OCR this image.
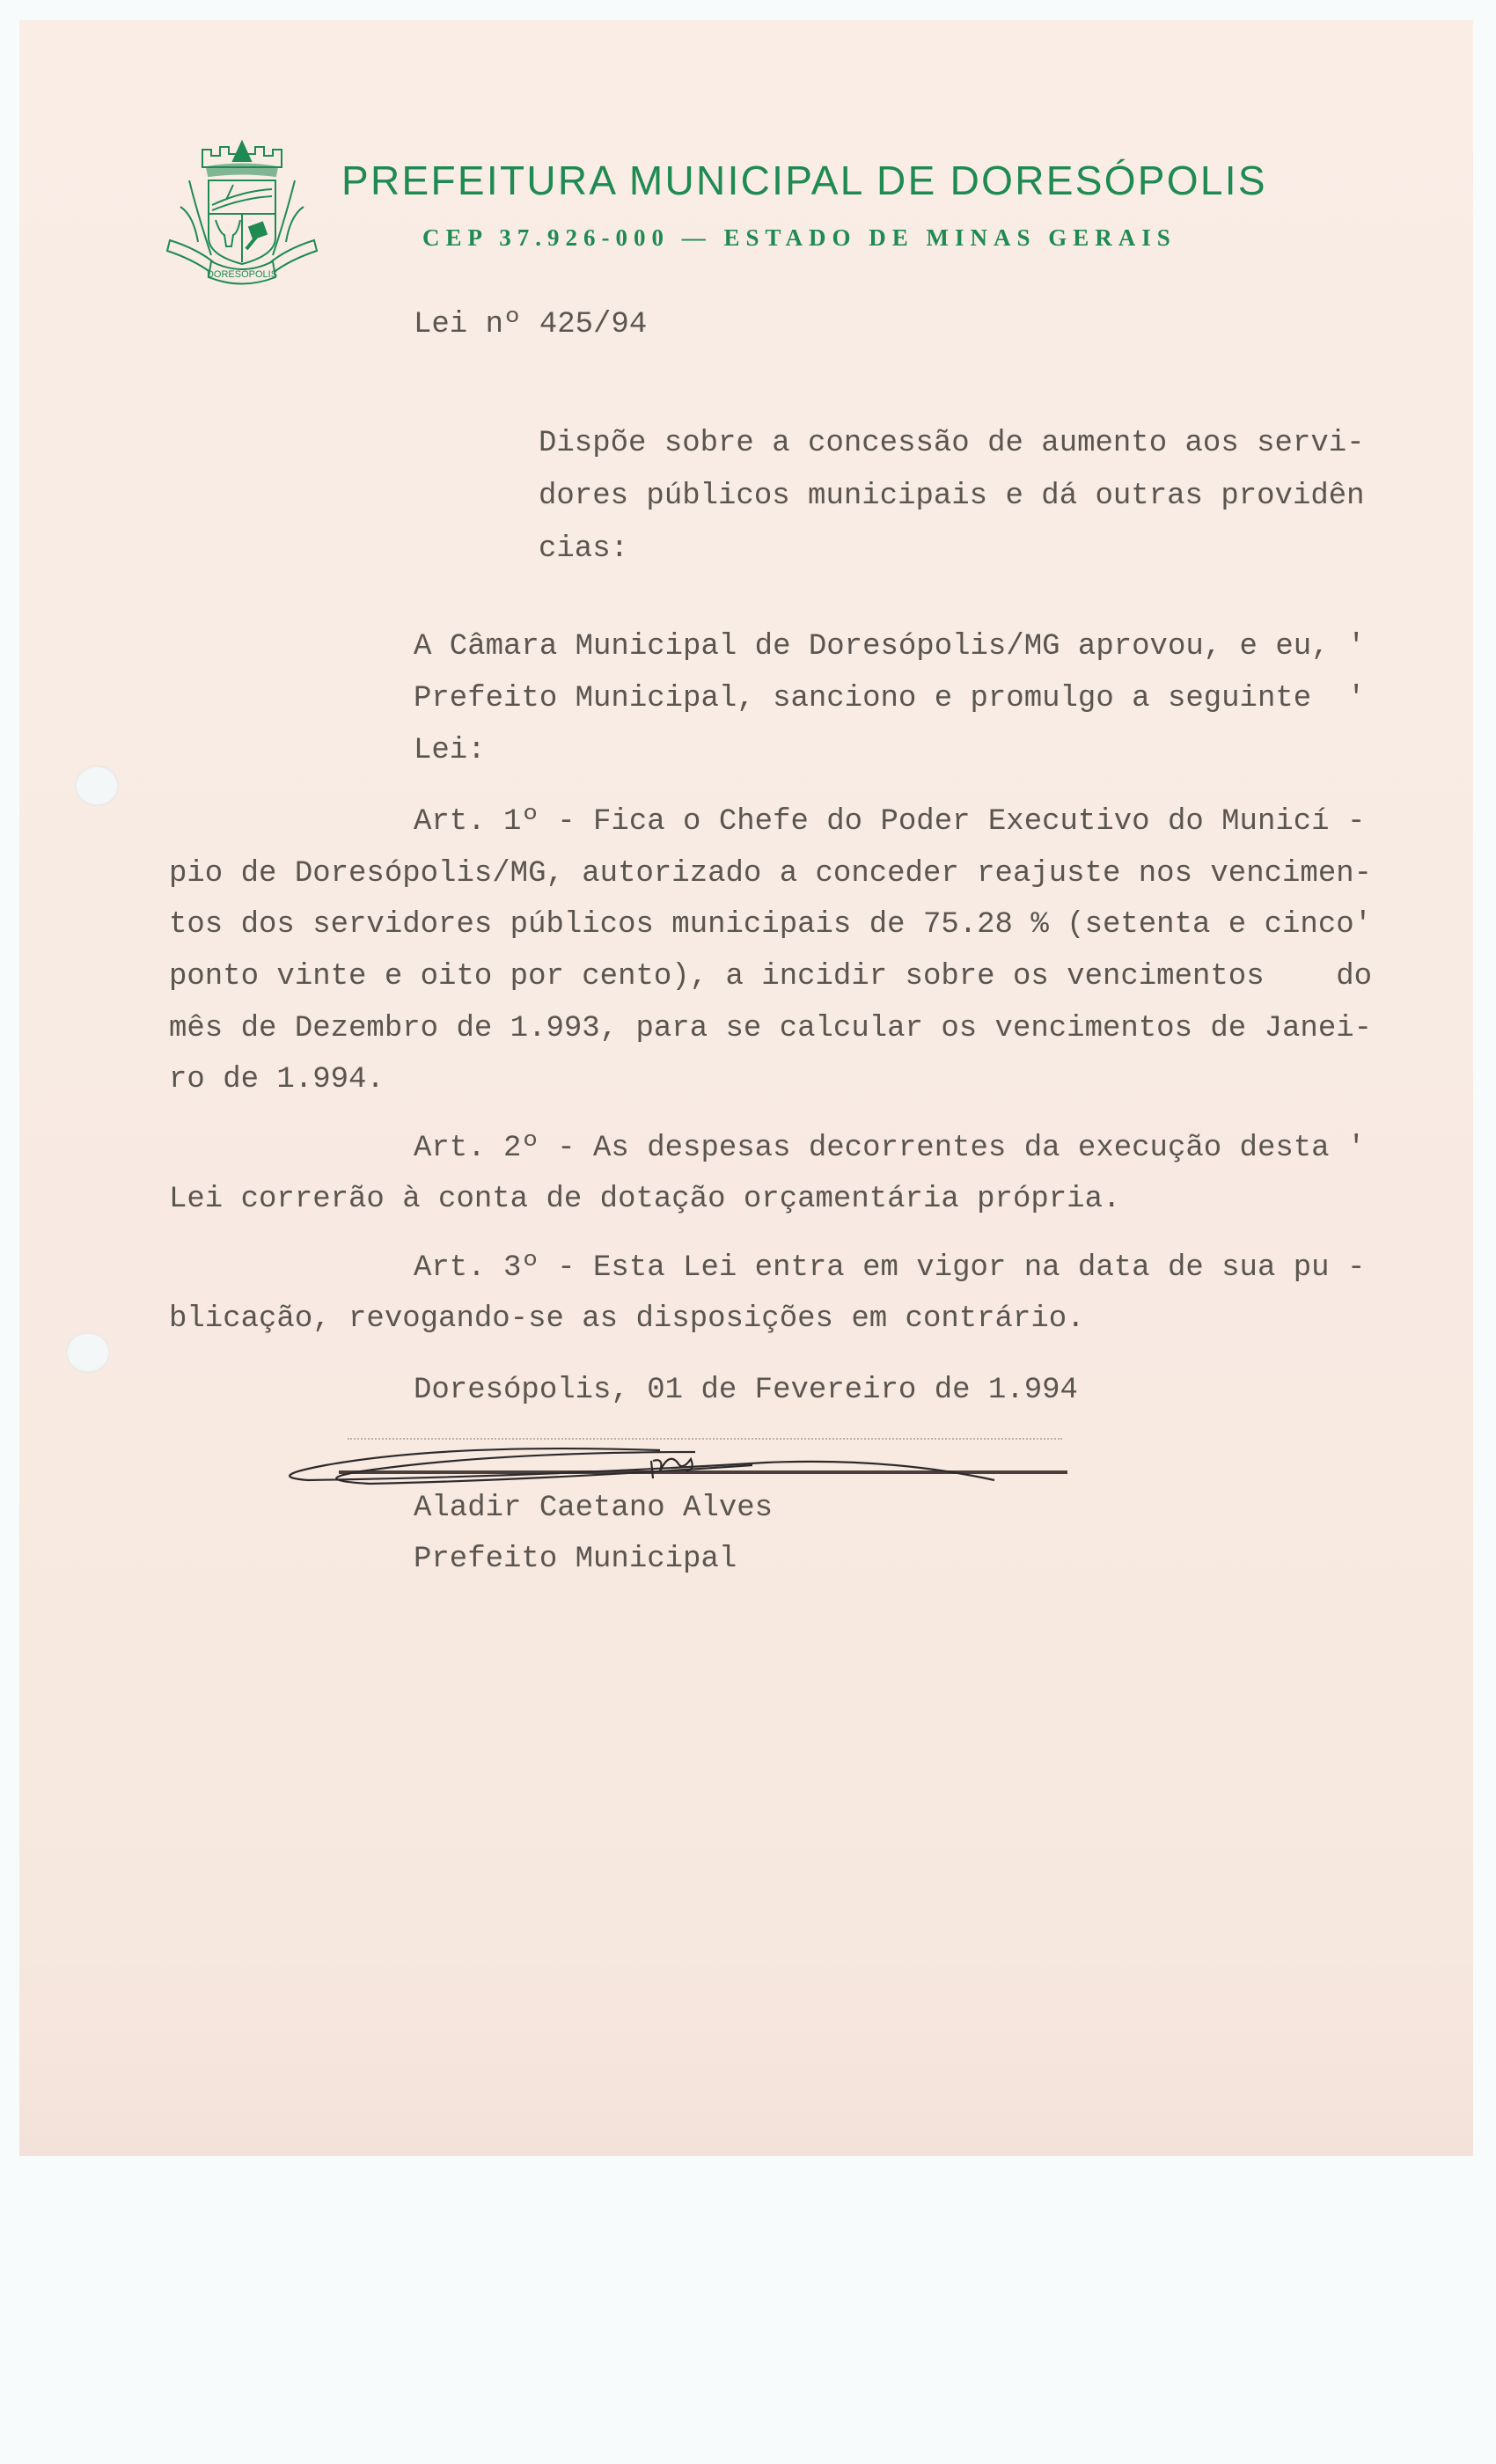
DORESOPOLIS
PREFEITURA MUNICIPAL DE DORESÓPOLIS
CEP 37.926-000 — ESTADO DE MINAS GERAIS
Lei nº 425/94
Dispõe sobre a concessão de aumento aos servi-
dores públicos municipais e dá outras providên
cias:
A Câmara Municipal de Doresópolis/MG aprovou, e eu, '
Prefeito Municipal, sanciono e promulgo a seguinte  '
Lei:
Art. 1º - Fica o Chefe do Poder Executivo do Municí -
pio de Doresópolis/MG, autorizado a conceder reajuste nos vencimen-
tos dos servidores públicos municipais de 75.28 % (setenta e cinco'
ponto vinte e oito por cento), a incidir sobre os vencimentos    do
mês de Dezembro de 1.993, para se calcular os vencimentos de Janei-
ro de 1.994.
Art. 2º - As despesas decorrentes da execução desta '
Lei correrão à conta de dotação orçamentária própria.
Art. 3º - Esta Lei entra em vigor na data de sua pu -
blicação, revogando-se as disposições em contrário.
Doresópolis, 01 de Fevereiro de 1.994
Aladir Caetano Alves
Prefeito Municipal
